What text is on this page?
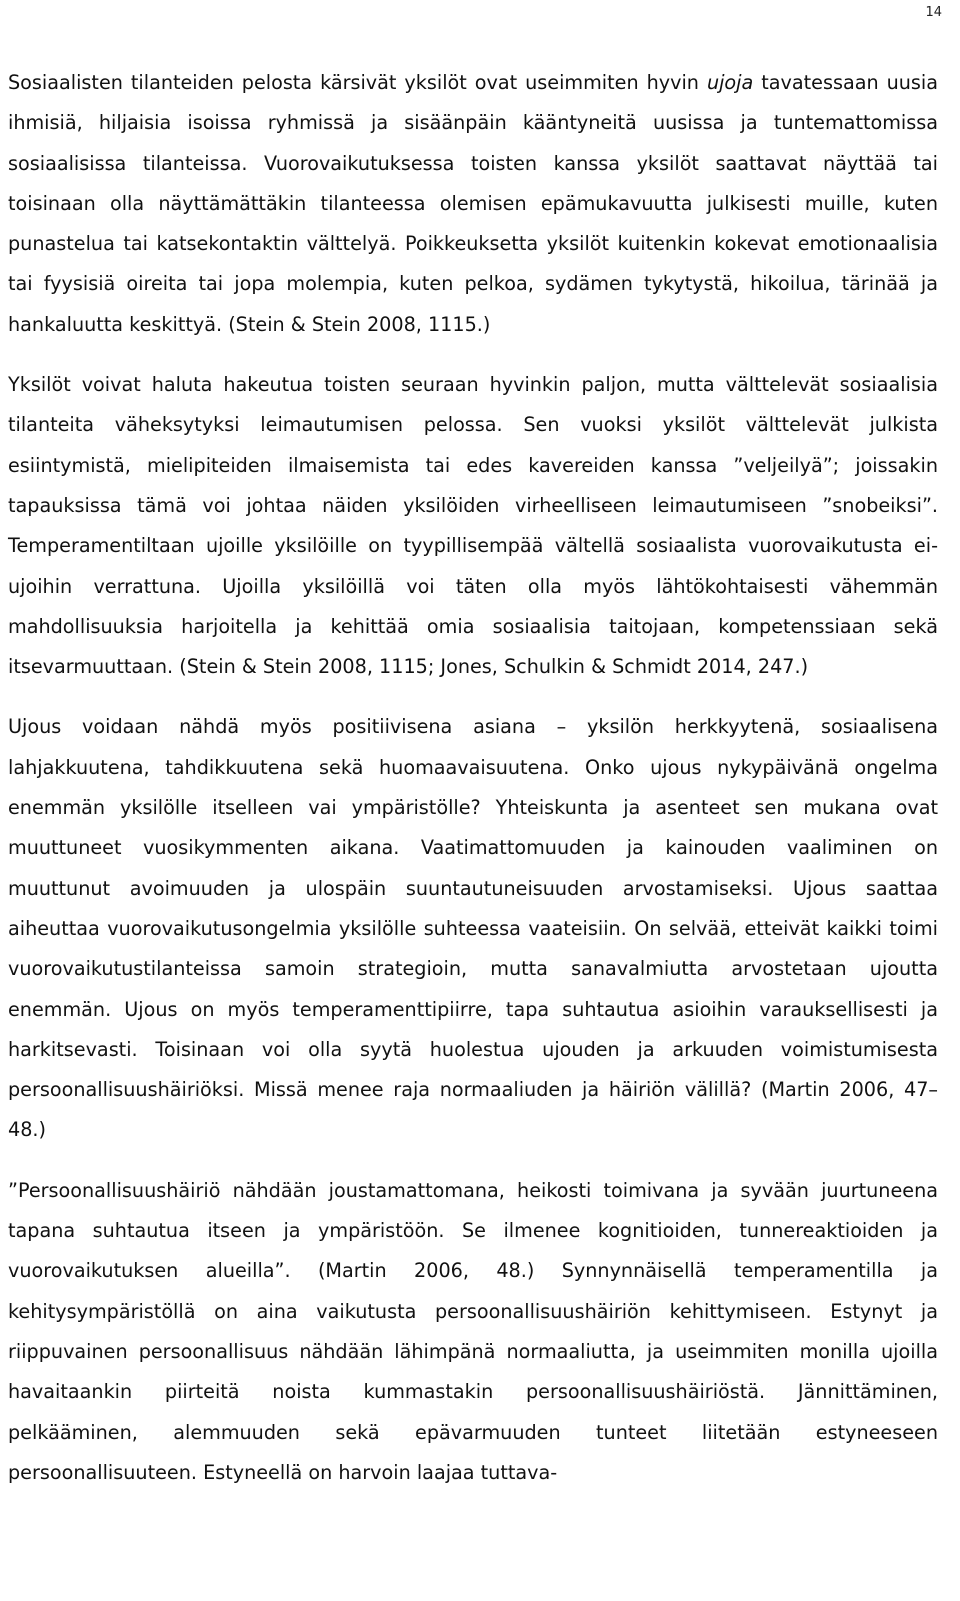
14

Sosiaalisten tilanteiden pelosta kärsivät yksilöt ovat useimmiten hyvin ujoja tavatessaan uusia ihmisiä, hiljaisia isoissa ryhmissä ja sisäänpäin kääntyneitä uusissa ja tuntemattomissa sosiaalisissa tilanteissa. Vuorovaikutuksessa toisten kanssa yksilöt saattavat näyttää tai toisinaan olla näyttämättäkin tilanteessa olemisen epämukavuutta julkisesti muille, kuten punastelua tai katsekontaktin välttelyä. Poikkeuksetta yksilöt kuitenkin kokevat emotionaalisia tai fyysisiä oireita tai jopa molempia, kuten pelkoa, sydämen tykytystä, hikoilua, tärinää ja hankaluutta keskittyä. (Stein & Stein 2008, 1115.)

Yksilöt voivat haluta hakeutua toisten seuraan hyvinkin paljon, mutta välttelevät sosiaalisia tilanteita väheksytyksi leimautumisen pelossa. Sen vuoksi yksilöt välttelevät julkista esiintymistä, mielipiteiden ilmaisemista tai edes kavereiden kanssa ”veljeilyä”; joissakin tapauksissa tämä voi johtaa näiden yksilöiden virheelliseen leimautumiseen ”snobeiksi”. Temperamentiltaan ujoille yksilöille on tyypillisempää vältellä sosiaalista vuorovaikutusta ei-ujoihin verrattuna. Ujoilla yksilöillä voi täten olla myös lähtökohtaisesti vähemmän mahdollisuuksia harjoitella ja kehittää omia sosiaalisia taitojaan, kompetenssiaan sekä itsevarmuuttaan. (Stein & Stein 2008, 1115; Jones, Schulkin & Schmidt 2014, 247.)

Ujous voidaan nähdä myös positiivisena asiana – yksilön herkkyytenä, sosiaalisena lahjakkuutena, tahdikkuutena sekä huomaavaisuutena. Onko ujous nykypäivänä ongelma enemmän yksilölle itselleen vai ympäristölle? Yhteiskunta ja asenteet sen mukana ovat muuttuneet vuosikymmenten aikana. Vaatimattomuuden ja kainouden vaaliminen on muuttunut avoimuuden ja ulospäin suuntautuneisuuden arvostamiseksi. Ujous saattaa aiheuttaa vuorovaikutusongelmia yksilölle suhteessa vaateisiin. On selvää, etteivät kaikki toimi vuorovaikutustilanteissa samoin strategioin, mutta sanavalmiutta arvostetaan ujoutta enemmän. Ujous on myös temperamenttipiirre, tapa suhtautua asioihin varauksellisesti ja harkitsevasti. Toisinaan voi olla syytä huolestua ujouden ja arkuuden voimistumisesta persoonallisuushäiriöksi. Missä menee raja normaaliuden ja häiriön välillä? (Martin 2006, 47–48.)

”Persoonallisuushäiriö nähdään joustamattomana, heikosti toimivana ja syvään juurtuneena tapana suhtautua itseen ja ympäristöön. Se ilmenee kognitioiden, tunnereaktioiden ja vuorovaikutuksen alueilla”. (Martin 2006, 48.) Synnynnäisellä temperamentilla ja kehitysympäristöllä on aina vaikutusta persoonallisuushäiriön kehittymiseen. Estynyt ja riippuvainen persoonallisuus nähdään lähimpänä normaaliutta, ja useimmiten monilla ujoilla havaitaankin piirteitä noista kummastakin persoonallisuushäiriöstä. Jännittäminen, pelkääminen, alemmuuden sekä epävarmuuden tunteet liitetään estyneeseen persoonallisuuteen. Estyneellä on harvoin laajaa tuttava-
